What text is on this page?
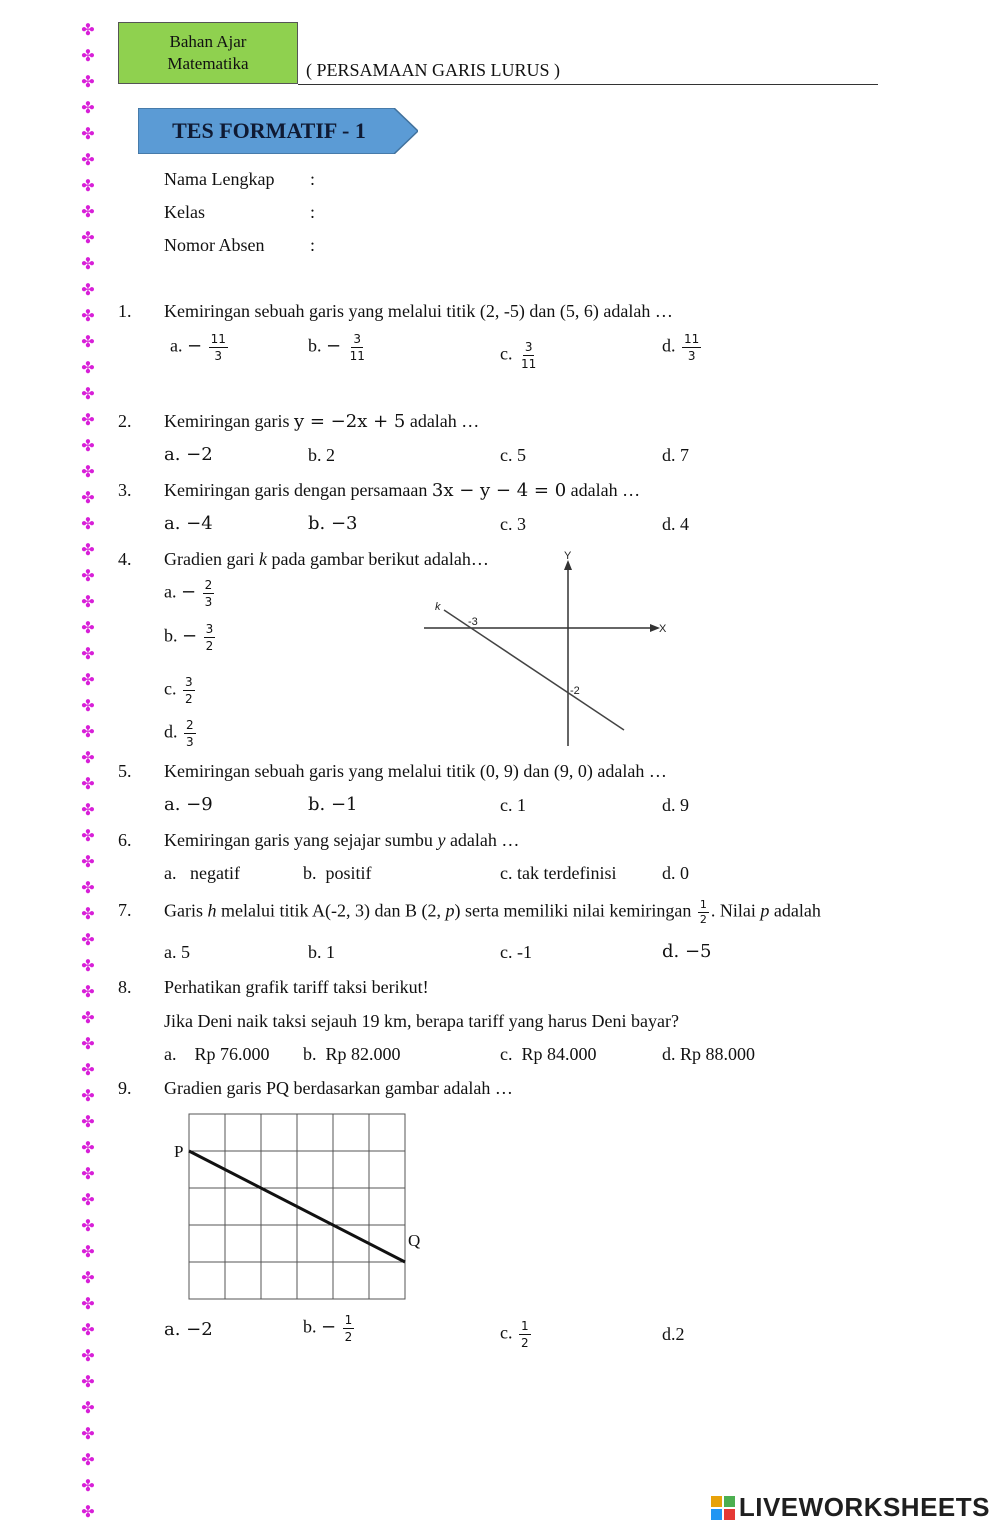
✤
✤
✤
✤
✤
✤
✤
✤
✤
✤
✤
✤
✤
✤
✤
✤
✤
✤
✤
✤
✤
✤
✤
✤
✤
✤
✤
✤
✤
✤
✤
✤
✤
✤
✤
✤
✤
✤
✤
✤
✤
✤
✤
✤
✤
✤
✤
✤
✤
✤
✤
✤
✤
✤
✤
✤
✤
✤
Bahan Ajar
Matematika	( PERSAMAAN GARIS LURUS )
TES FORMATIF - 1
Nama Lengkap :
Kelas	:
Nomor Absen	:
1. Kemiringan sebuah garis yang melalui titik (2, -5) dan (5, 6) adalah …
a. − $\frac{11}{3}$	b. − $\frac{3}{11}$	c. $\frac{3}{11}$	d. $\frac{11}{3}$
2. Kemiringan garis y = −2x + 5 adalah …
a. −2	b. 2	c. 5	d. 7
3. Kemiringan garis dengan persamaan 3x − y − 4 = 0 adalah …
a. −4	b. −3	c. 3	d. 4
4. Gradien gari k pada gambar berikut adalah…
a. − $\frac{2}{3}$
b. − $\frac{3}{2}$
c. $\frac{3}{2}$
d. $\frac{2}{3}$
Y
X
k
-3
-2
5. Kemiringan sebuah garis yang melalui titik (0, 9) dan (9, 0) adalah …
a. −9	b. −1	c. 1	d. 9
6. Kemiringan garis yang sejajar sumbu y adalah …
a.   negatif	b.  positif	c. tak terdefinisi	d. 0
7. Garis h melalui titik A(-2, 3) dan B (2, p) serta memiliki nilai kemiringan $\frac{1}{2}$ . Nilai p adalah
a. 5	b. 1	c. -1	d. −5
8. Perhatikan grafik tariff taksi berikut!
Jika Deni naik taksi sejauh 19 km, berapa tariff yang harus Deni bayar?
a.    Rp 76.000 b.  Rp 82.000	c.  Rp 84.000	d. Rp 88.000
9. Gradien garis PQ berdasarkan gambar adalah …
P
Q
a. −2	b. − $\frac{1}{2}$	c. $\frac{1}{2}$	d.2
LIVEWORKSHEETS
